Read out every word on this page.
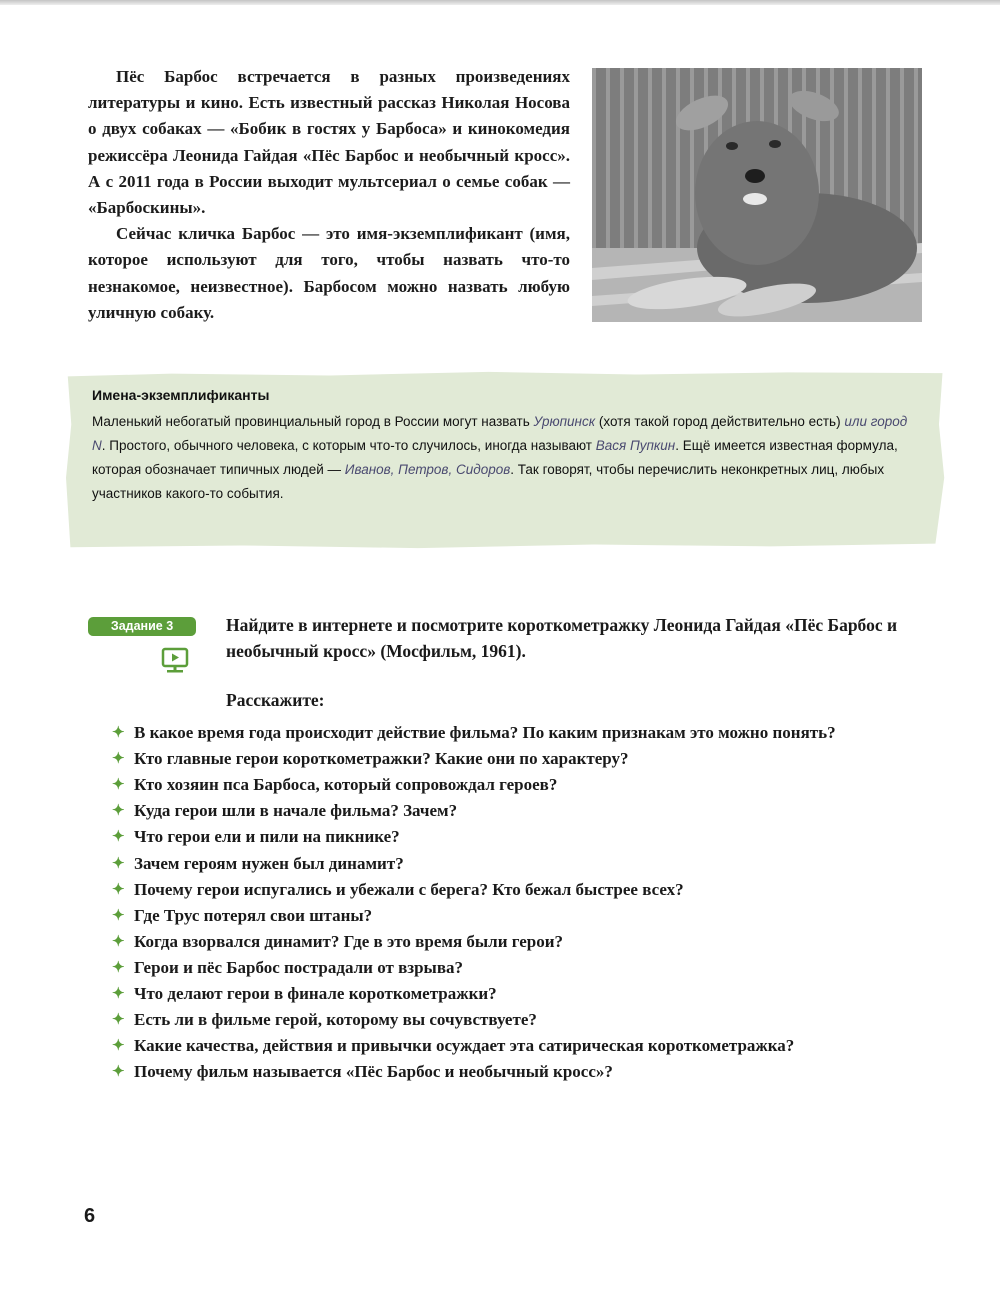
Пёс Барбос встречается в разных произведениях литературы и кино. Есть известный рассказ Николая Носова о двух собаках — «Бобик в гостях у Барбоса» и кинокомедия режиссёра Леонида Гайдая «Пёс Барбос и необычный кросс». А с 2011 года в России выходит мультсериал о семье собак — «Барбоскины».

Сейчас кличка Барбос — это имя-экземплификант (имя, которое используют для того, чтобы назвать что-то незнакомое, неизвестное). Барбосом можно назвать любую уличную собаку.

Имена-экземплификанты
Маленький небогатый провинциальный город в России могут назвать Урюпинск (хотя такой город действительно есть) или город N. Простого, обычного человека, с которым что-то случилось, иногда называют Вася Пупкин. Ещё имеется известная формула, которая обозначает типичных людей — Иванов, Петров, Сидоров. Так говорят, чтобы перечислить неконкретных лиц, любых участников какого-то события.
Задание 3	Найдите в интернете и посмотрите короткометражку Леонида Гайдая «Пёс Барбос и необычный кросс» (Мосфильм, 1961).
Расскажите:
✦ В какое время года происходит действие фильма? По каким признакам это можно понять?
✦ Кто главные герои короткометражки? Какие они по характеру?
✦ Кто хозяин пса Барбоса, который сопровождал героев?
✦ Куда герои шли в начале фильма? Зачем?
✦ Что герои ели и пили на пикнике?
✦ Зачем героям нужен был динамит?
✦ Почему герои испугались и убежали с берега? Кто бежал быстрее всех?
✦ Где Трус потерял свои штаны?
✦ Когда взорвался динамит? Где в это время были герои?
✦ Герои и пёс Барбос пострадали от взрыва?
✦ Что делают герои в финале короткометражки?
✦ Есть ли в фильме герой, которому вы сочувствуете?
✦ Какие качества, действия и привычки осуждает эта сатирическая короткометражка?
✦ Почему фильм называется «Пёс Барбос и необычный кросс»?
6
